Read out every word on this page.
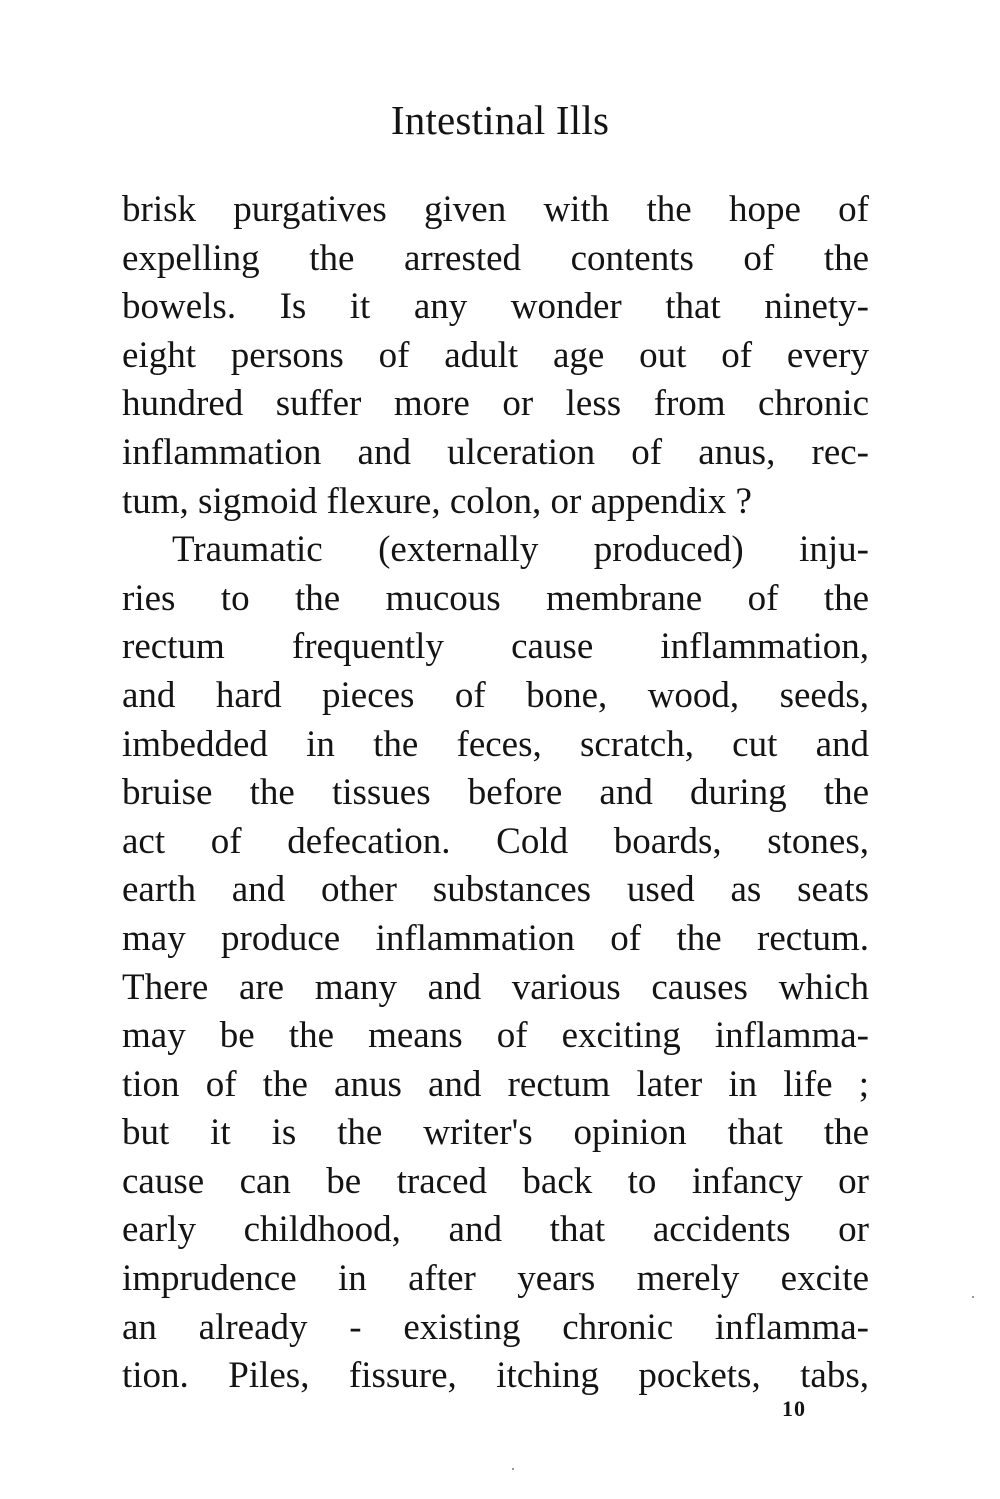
Intestinal Ills
brisk purgatives given with the hope of
expelling the arrested contents of the
bowels. Is it any wonder that ninety-
eight persons of adult age out of every
hundred suffer more or less from chronic
inflammation and ulceration of anus, rec-
tum, sigmoid flexure, colon, or appendix ?
Traumatic (externally produced) inju-
ries to the mucous membrane of the
rectum frequently cause inflammation,
and hard pieces of bone, wood, seeds,
imbedded in the feces, scratch, cut and
bruise the tissues before and during the
act of defecation. Cold boards, stones,
earth and other substances used as seats
may produce inflammation of the rectum.
There are many and various causes which
may be the means of exciting inflamma-
tion of the anus and rectum later in life ;
but it is the writer's opinion that the
cause can be traced back to infancy or
early childhood, and that accidents or
imprudence in after years merely excite
an already - existing chronic inflamma-
tion. Piles, fissure, itching pockets, tabs,
10
